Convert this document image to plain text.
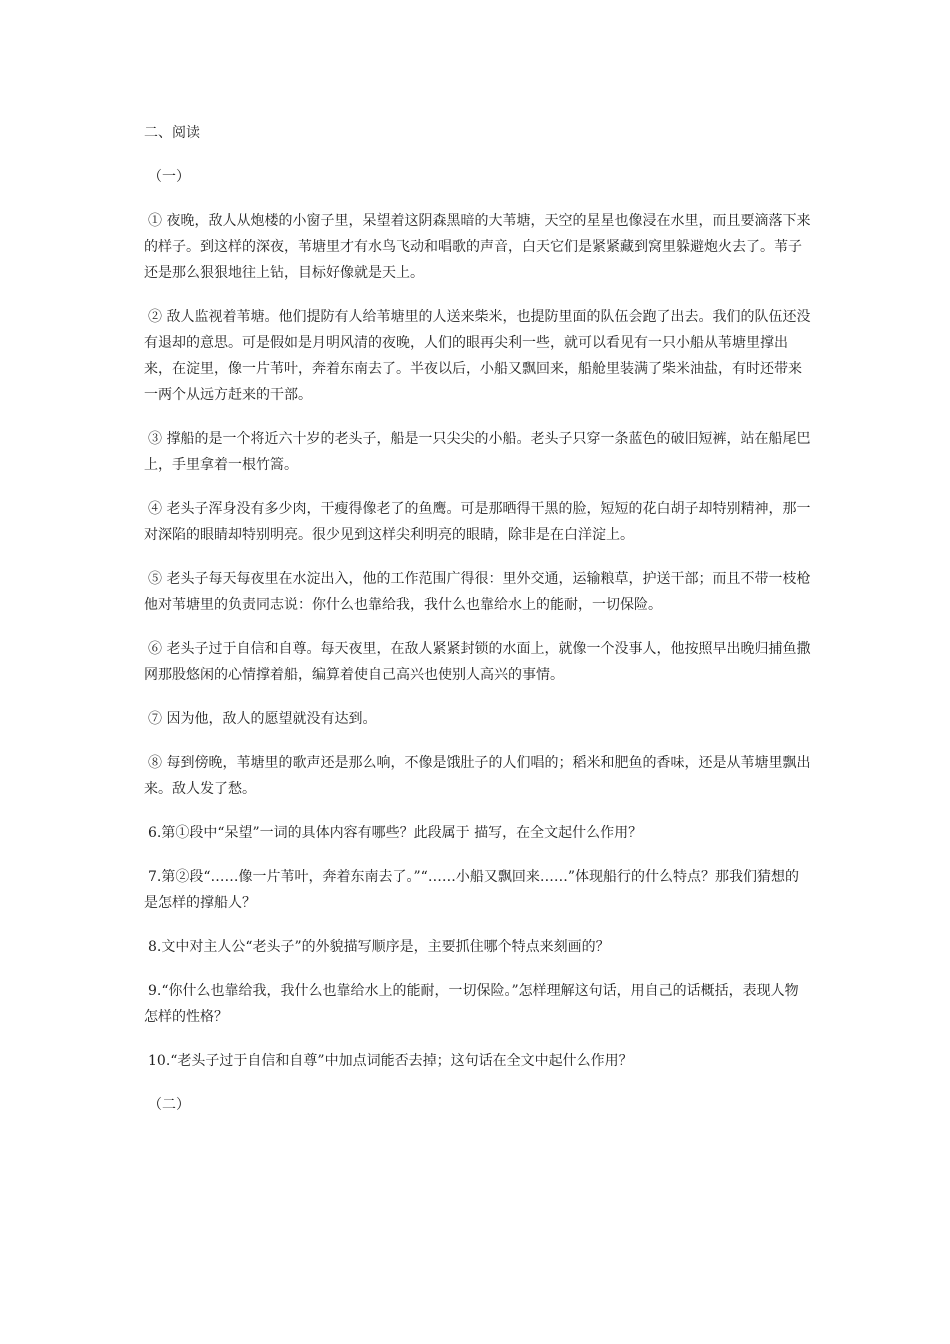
二、阅读

（一）

① 夜晚，敌人从炮楼的小窗子里，呆望着这阴森黑暗的大苇塘，天空的星星也像浸在水里，而且要滴落下来的样子。到这样的深夜，苇塘里才有水鸟飞动和唱歌的声音，白天它们是紧紧藏到窝里躲避炮火去了。苇子还是那么狠狠地往上钻，目标好像就是天上。

② 敌人监视着苇塘。他们提防有人给苇塘里的人送来柴米，也提防里面的队伍会跑了出去。我们的队伍还没有退却的意思。可是假如是月明风清的夜晚，人们的眼再尖利一些，就可以看见有一只小船从苇塘里撑出来，在淀里，像一片苇叶，奔着东南去了。半夜以后，小船又飘回来，船舱里装满了柴米油盐，有时还带来一两个从远方赶来的干部。

③ 撑船的是一个将近六十岁的老头子，船是一只尖尖的小船。老头子只穿一条蓝色的破旧短裤，站在船尾巴上，手里拿着一根竹篙。

④ 老头子浑身没有多少肉，干瘦得像老了的鱼鹰。可是那晒得干黑的脸，短短的花白胡子却特别精神，那一对深陷的眼睛却特别明亮。很少见到这样尖利明亮的眼睛，除非是在白洋淀上。

⑤ 老头子每天每夜里在水淀出入，他的工作范围广得很：里外交通，运输粮草，护送干部；而且不带一枝枪他对苇塘里的负责同志说：你什么也靠给我，我什么也靠给水上的能耐，一切保险。

⑥ 老头子过于自信和自尊。每天夜里，在敌人紧紧封锁的水面上，就像一个没事人，他按照早出晚归捕鱼撒网那股悠闲的心情撑着船，编算着使自己高兴也使别人高兴的事情。

⑦ 因为他，敌人的愿望就没有达到。

⑧ 每到傍晚，苇塘里的歌声还是那么响，不像是饿肚子的人们唱的；稻米和肥鱼的香味，还是从苇塘里飘出来。敌人发了愁。

6.第①段中“呆望”一词的具体内容有哪些？此段属于 描写，在全文起什么作用？

7.第②段“……像一片苇叶，奔着东南去了。”“……小船又飘回来……”体现船行的什么特点？那我们猜想的是怎样的撑船人？

8.文中对主人公“老头子”的外貌描写顺序是，主要抓住哪个特点来刻画的？

9.“你什么也靠给我，我什么也靠给水上的能耐，一切保险。”怎样理解这句话，用自己的话概括，表现人物怎样的性格？

10.“老头子过于自信和自尊”中加点词能否去掉；这句话在全文中起什么作用？

（二）
